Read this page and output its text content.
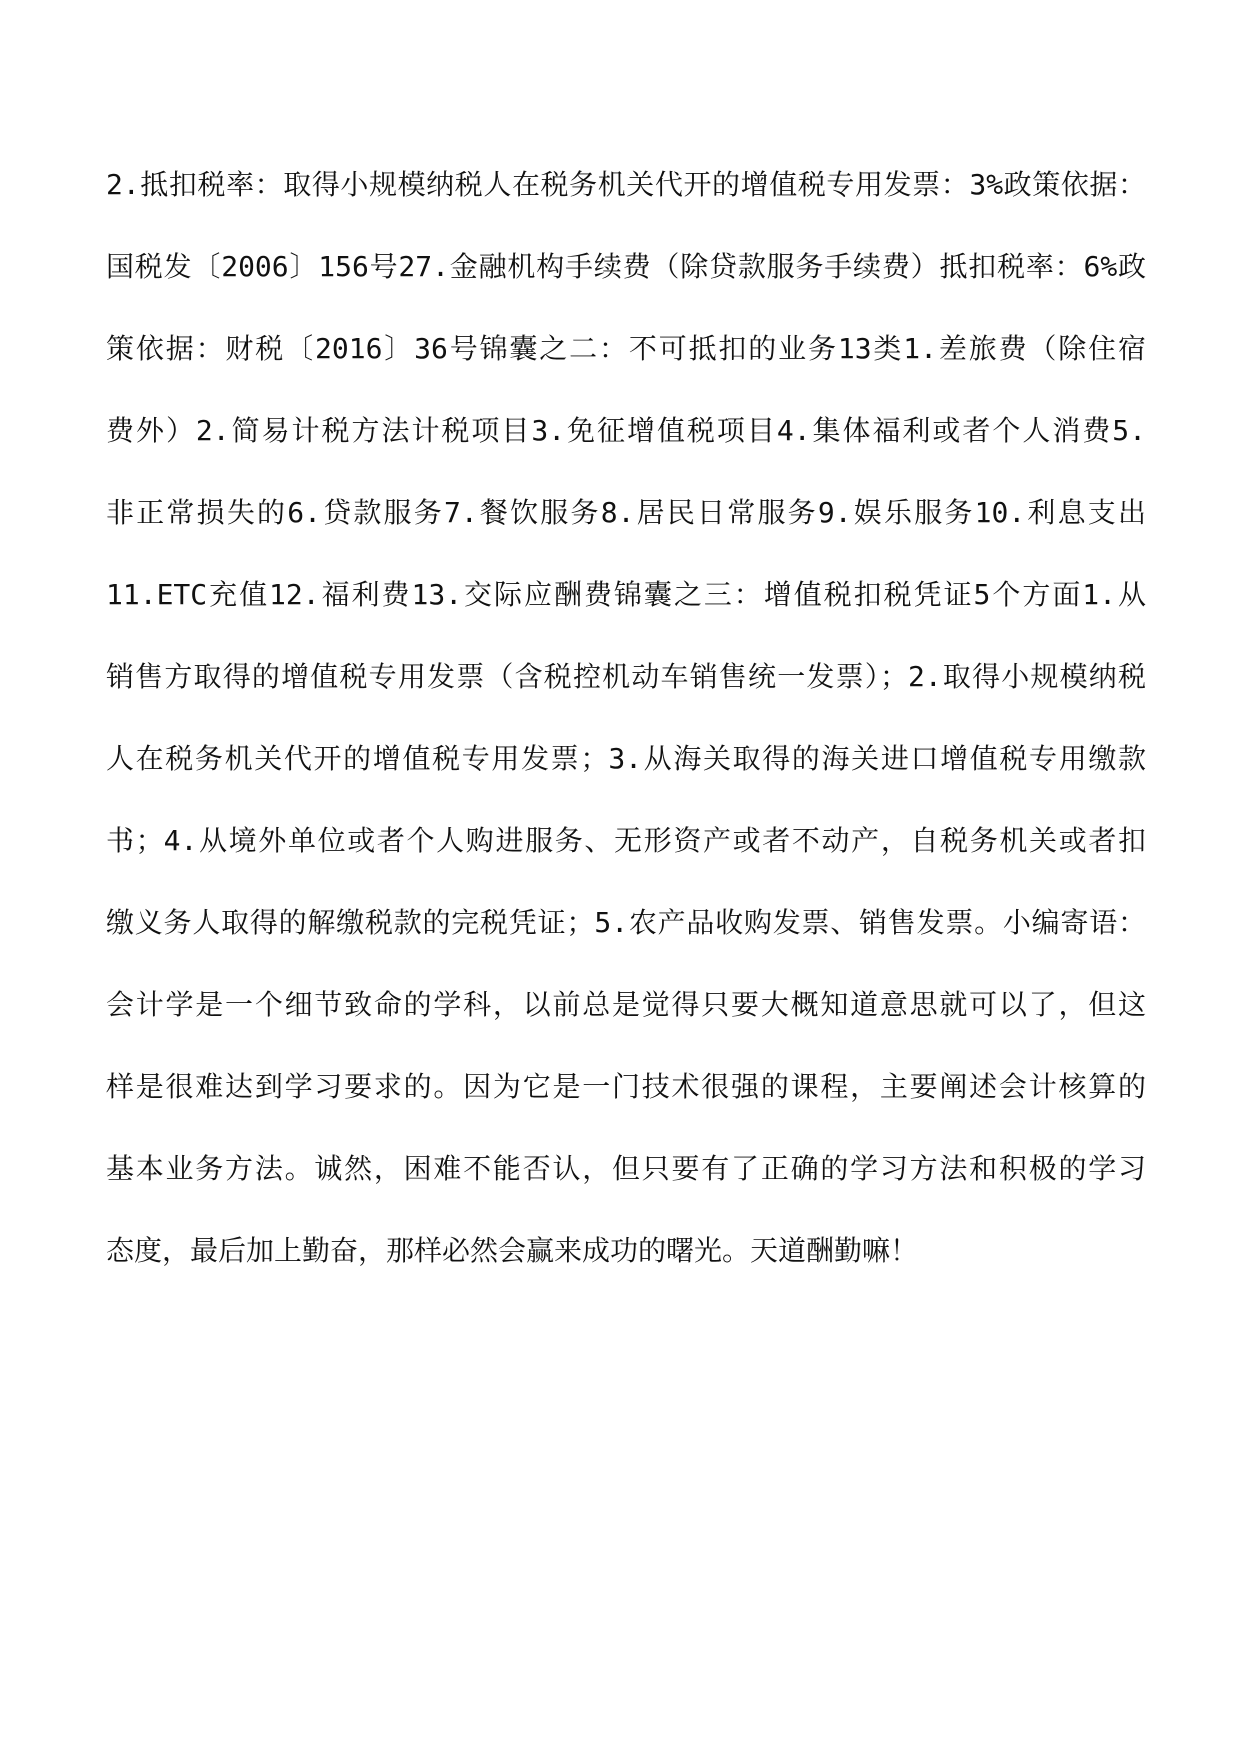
2.抵扣税率：取得小规模纳税人在税务机关代开的增值税专用发票：3%政策依据：
国税发〔2006〕156号27.金融机构手续费（除贷款服务手续费）抵扣税率：6%政
策依据：财税〔2016〕36号锦囊之二：不可抵扣的业务13类1.差旅费（除住宿
费外）2.简易计税方法计税项目3.免征增值税项目4.集体福利或者个人消费5.
非正常损失的6.贷款服务7.餐饮服务8.居民日常服务9.娱乐服务10.利息支出
11.ETC充值12.福利费13.交际应酬费锦囊之三：增值税扣税凭证5个方面1.从
销售方取得的增值税专用发票（含税控机动车销售统一发票）；2.取得小规模纳税
人在税务机关代开的增值税专用发票；3.从海关取得的海关进口增值税专用缴款
书；4.从境外单位或者个人购进服务、无形资产或者不动产，自税务机关或者扣
缴义务人取得的解缴税款的完税凭证；5.农产品收购发票、销售发票。小编寄语：
会计学是一个细节致命的学科，以前总是觉得只要大概知道意思就可以了，但这
样是很难达到学习要求的。因为它是一门技术很强的课程，主要阐述会计核算的
基本业务方法。诚然，困难不能否认，但只要有了正确的学习方法和积极的学习
态度，最后加上勤奋，那样必然会赢来成功的曙光。天道酬勤嘛！
